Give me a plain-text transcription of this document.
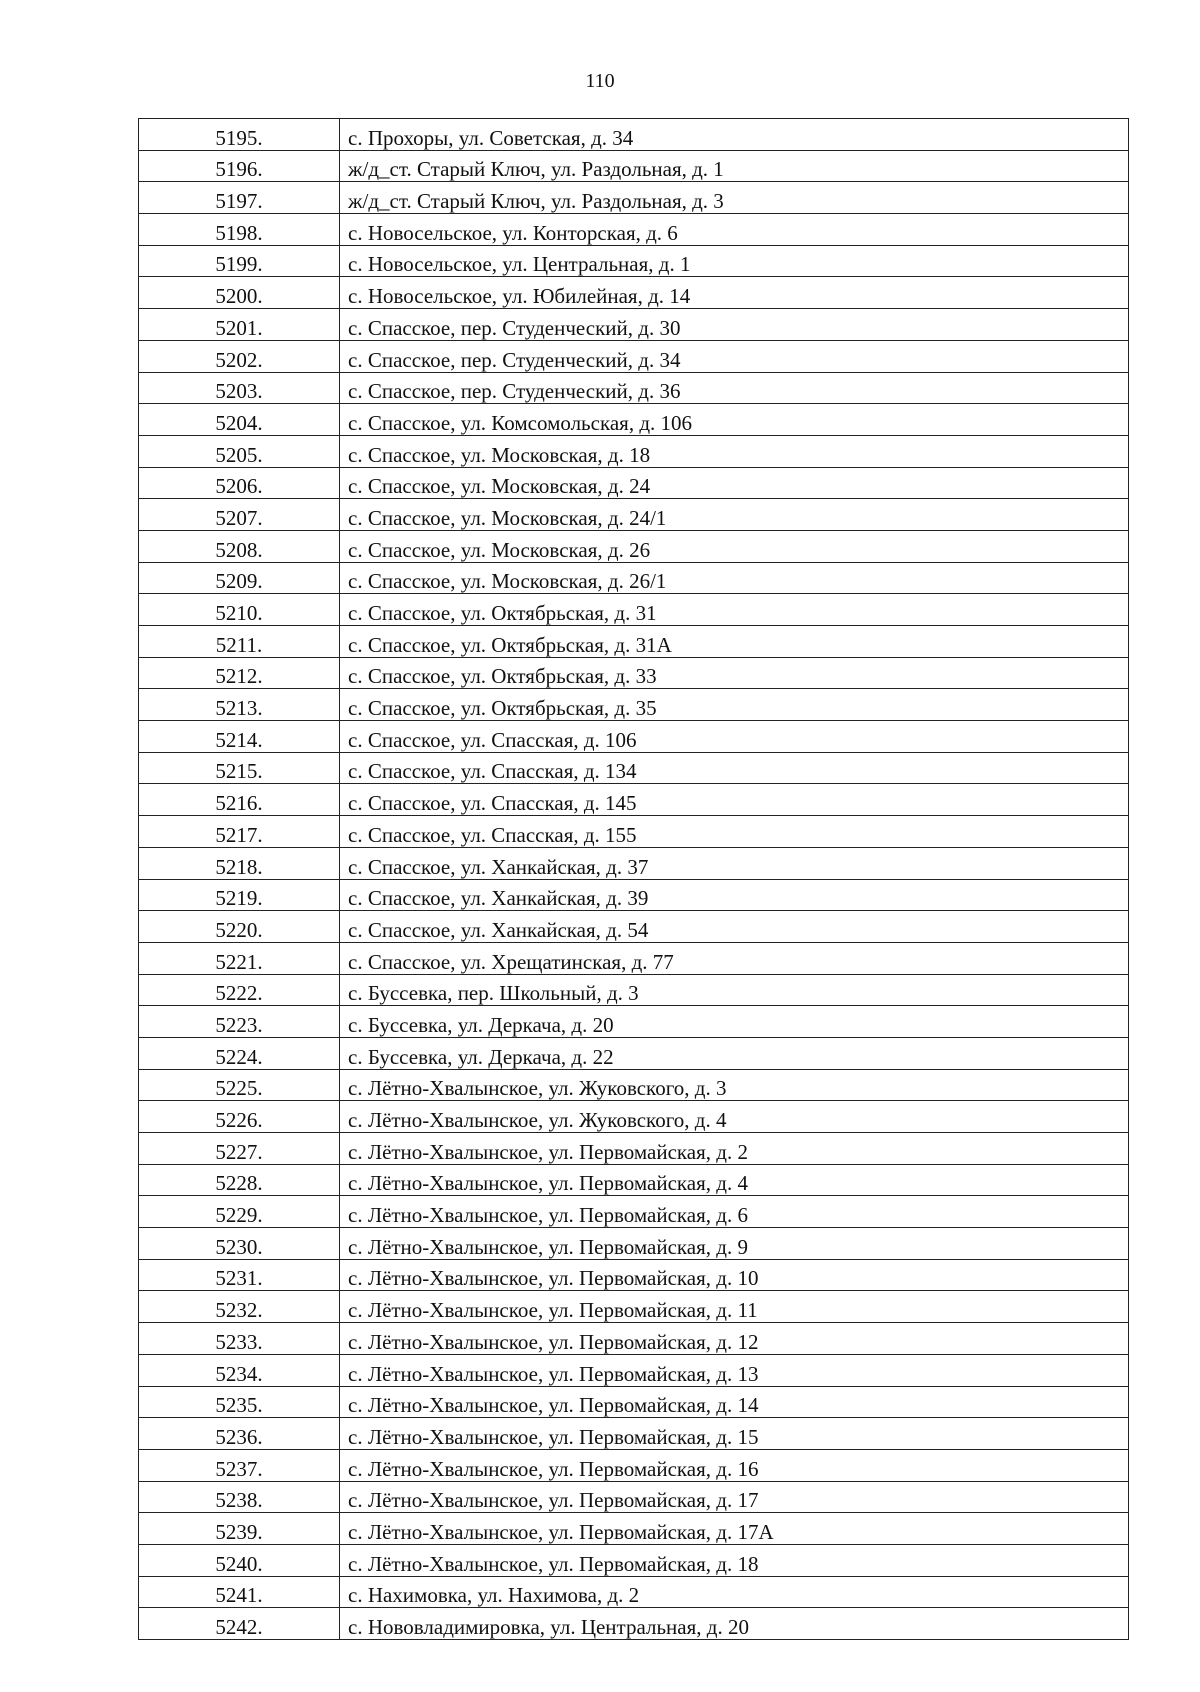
110
5195.	с. Прохоры, ул. Советская, д. 34
5196.	ж/д_ст. Старый Ключ, ул. Раздольная, д. 1
5197.	ж/д_ст. Старый Ключ, ул. Раздольная, д. 3
5198.	с. Новосельское, ул. Конторская, д. 6
5199.	с. Новосельское, ул. Центральная, д. 1
5200.	с. Новосельское, ул. Юбилейная, д. 14
5201.	с. Спасское, пер. Студенческий, д. 30
5202.	с. Спасское, пер. Студенческий, д. 34
5203.	с. Спасское, пер. Студенческий, д. 36
5204.	с. Спасское, ул. Комсомольская, д. 106
5205.	с. Спасское, ул. Московская, д. 18
5206.	с. Спасское, ул. Московская, д. 24
5207.	с. Спасское, ул. Московская, д. 24/1
5208.	с. Спасское, ул. Московская, д. 26
5209.	с. Спасское, ул. Московская, д. 26/1
5210.	с. Спасское, ул. Октябрьская, д. 31
5211.	с. Спасское, ул. Октябрьская, д. 31А
5212.	с. Спасское, ул. Октябрьская, д. 33
5213.	с. Спасское, ул. Октябрьская, д. 35
5214.	с. Спасское, ул. Спасская, д. 106
5215.	с. Спасское, ул. Спасская, д. 134
5216.	с. Спасское, ул. Спасская, д. 145
5217.	с. Спасское, ул. Спасская, д. 155
5218.	с. Спасское, ул. Ханкайская, д. 37
5219.	с. Спасское, ул. Ханкайская, д. 39
5220.	с. Спасское, ул. Ханкайская, д. 54
5221.	с. Спасское, ул. Хрещатинская, д. 77
5222.	с. Буссевка, пер. Школьный, д. 3
5223.	с. Буссевка, ул. Деркача, д. 20
5224.	с. Буссевка, ул. Деркача, д. 22
5225.	с. Лётно-Хвалынское, ул. Жуковского, д. 3
5226.	с. Лётно-Хвалынское, ул. Жуковского, д. 4
5227.	с. Лётно-Хвалынское, ул. Первомайская, д. 2
5228.	с. Лётно-Хвалынское, ул. Первомайская, д. 4
5229.	с. Лётно-Хвалынское, ул. Первомайская, д. 6
5230.	с. Лётно-Хвалынское, ул. Первомайская, д. 9
5231.	с. Лётно-Хвалынское, ул. Первомайская, д. 10
5232.	с. Лётно-Хвалынское, ул. Первомайская, д. 11
5233.	с. Лётно-Хвалынское, ул. Первомайская, д. 12
5234.	с. Лётно-Хвалынское, ул. Первомайская, д. 13
5235.	с. Лётно-Хвалынское, ул. Первомайская, д. 14
5236.	с. Лётно-Хвалынское, ул. Первомайская, д. 15
5237.	с. Лётно-Хвалынское, ул. Первомайская, д. 16
5238.	с. Лётно-Хвалынское, ул. Первомайская, д. 17
5239.	с. Лётно-Хвалынское, ул. Первомайская, д. 17А
5240.	с. Лётно-Хвалынское, ул. Первомайская, д. 18
5241.	с. Нахимовка, ул. Нахимова, д. 2
5242.	с. Нововладимировка, ул. Центральная, д. 20
